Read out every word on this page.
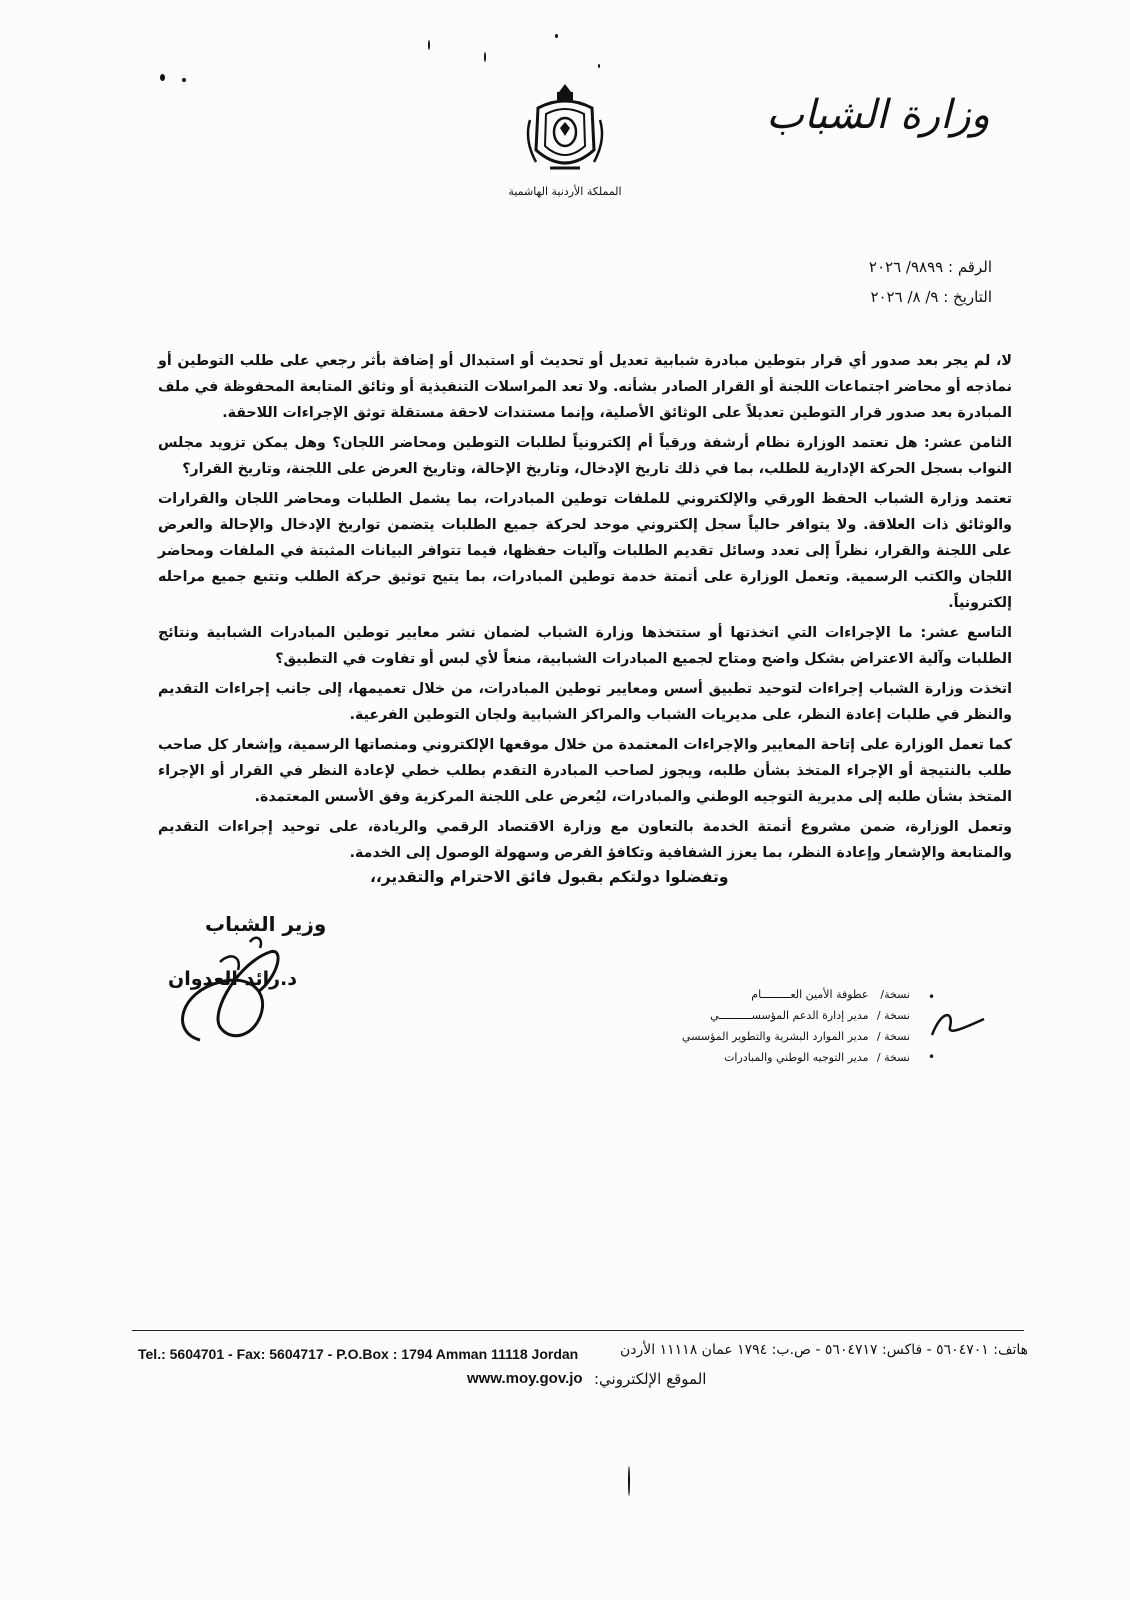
وزارة الشباب
المملكة الأردنية الهاشمية
الرقم : ٩٨٩٩/ ٢٠٢٦
التاريخ : ٩/ ٨/ ٢٠٢٦

لا، لم يجر بعد صدور أي قرار بتوطين مبادرة شبابية تعديل أو تحديث أو استبدال أو إضافة بأثر رجعي على طلب التوطين أو نماذجه أو محاضر اجتماعات اللجنة أو القرار الصادر بشأنه. ولا تعد المراسلات التنفيذية أو وثائق المتابعة المحفوظة في ملف المبادرة بعد صدور قرار التوطين تعديلاً على الوثائق الأصلية، وإنما مستندات لاحقة مستقلة توثق الإجراءات اللاحقة.

الثامن عشر: هل تعتمد الوزارة نظام أرشفة ورقياً أم إلكترونياً لطلبات التوطين ومحاضر اللجان؟ وهل يمكن تزويد مجلس النواب بسجل الحركة الإدارية للطلب، بما في ذلك تاريخ الإدخال، وتاريخ الإحالة، وتاريخ العرض على اللجنة، وتاريخ القرار؟

تعتمد وزارة الشباب الحفظ الورقي والإلكتروني للملفات توطين المبادرات، بما يشمل الطلبات ومحاضر اللجان والقرارات والوثائق ذات العلاقة. ولا يتوافر حالياً سجل إلكتروني موحد لحركة جميع الطلبات يتضمن تواريخ الإدخال والإحالة والعرض على اللجنة والقرار، نظراً إلى تعدد وسائل تقديم الطلبات وآليات حفظها، فيما تتوافر البيانات المثبتة في الملفات ومحاضر اللجان والكتب الرسمية. وتعمل الوزارة على أتمتة خدمة توطين المبادرات، بما يتيح توثيق حركة الطلب وتتبع جميع مراحله إلكترونياً.

التاسع عشر: ما الإجراءات التي اتخذتها أو ستتخذها وزارة الشباب لضمان نشر معايير توطين المبادرات الشبابية ونتائج الطلبات وآلية الاعتراض بشكل واضح ومتاح لجميع المبادرات الشبابية، منعاً لأي لبس أو تفاوت في التطبيق؟

اتخذت وزارة الشباب إجراءات لتوحيد تطبيق أسس ومعايير توطين المبادرات، من خلال تعميمها، إلى جانب إجراءات التقديم والنظر في طلبات إعادة النظر، على مديريات الشباب والمراكز الشبابية ولجان التوطين الفرعية.

كما تعمل الوزارة على إتاحة المعايير والإجراءات المعتمدة من خلال موقعها الإلكتروني ومنصاتها الرسمية، وإشعار كل صاحب طلب بالنتيجة أو الإجراء المتخذ بشأن طلبه، ويجوز لصاحب المبادرة التقدم بطلب خطي لإعادة النظر في القرار أو الإجراء المتخذ بشأن طلبه إلى مديرية التوجيه الوطني والمبادرات، ليُعرض على اللجنة المركزية وفق الأسس المعتمدة.

وتعمل الوزارة، ضمن مشروع أتمتة الخدمة بالتعاون مع وزارة الاقتصاد الرقمي والريادة، على توحيد إجراءات التقديم والمتابعة والإشعار وإعادة النظر، بما يعزز الشفافية وتكافؤ الفرص وسهولة الوصول إلى الخدمة.

وتفضلوا دولتكم بقبول فائق الاحترام والتقدير،،
وزير الشباب
د.رائد العدوان
•
•
نسخة/ عطوفة الأمين العـــــــــام
نسخة / مدير إدارة الدعم المؤسســــــــــي
نسخة / مدير الموارد البشرية والتطوير المؤسسي
نسخة / مدير التوجيه الوطني والمبادرات
Tel.: 5604701 - Fax: 5604717 - P.O.Box : 1794 Amman 11118 Jordan	هاتف: ٥٦٠٤٧٠١ - فاكس: ٥٦٠٤٧١٧ - ص.ب: ١٧٩٤ عمان ١١١١٨ الأردن
www.moy.gov.jo الموقع الإلكتروني:
